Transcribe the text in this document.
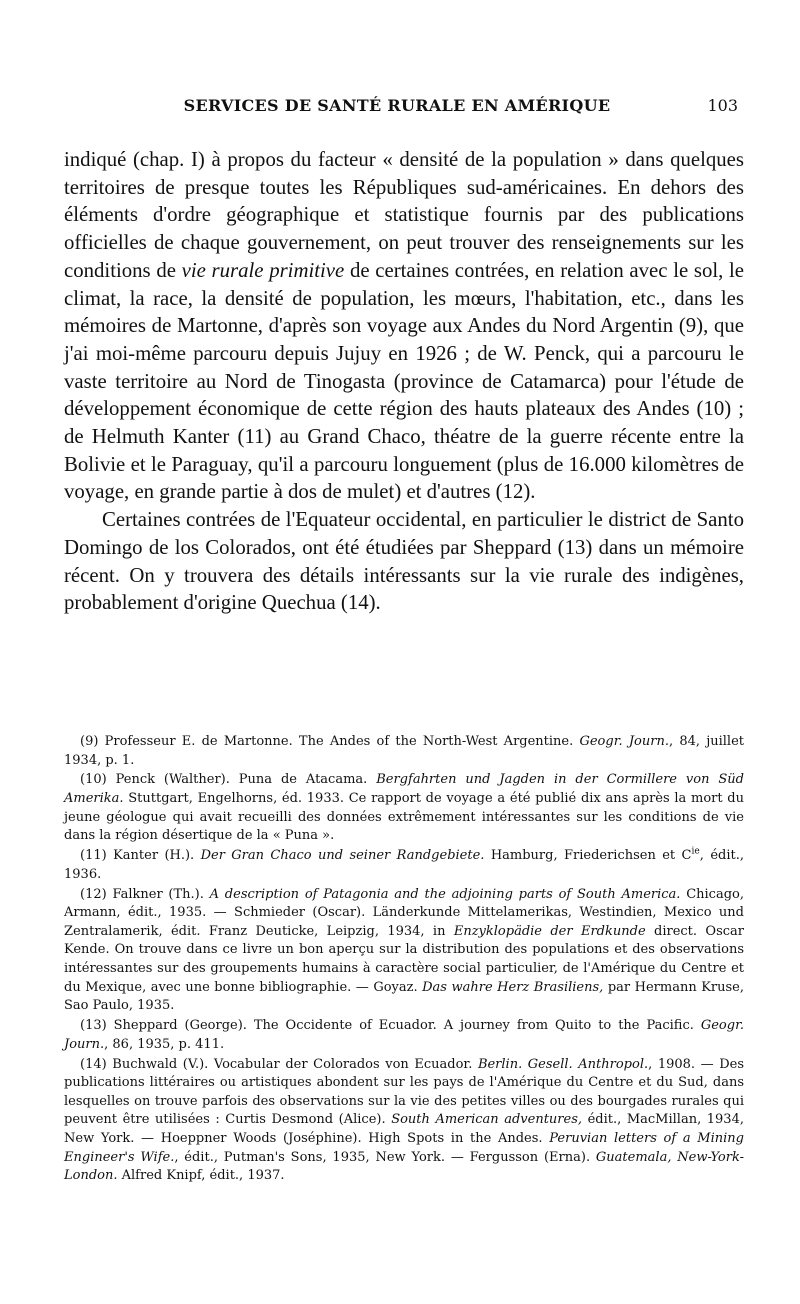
SERVICES DE SANTÉ RURALE EN AMÉRIQUE	103

indiqué (chap. I) à propos du facteur « densité de la population » dans quelques territoires de presque toutes les Républiques sud-américaines. En dehors des éléments d'ordre géographique et statistique fournis par des publications officielles de chaque gouvernement, on peut trouver des renseignements sur les conditions de vie rurale primitive de certaines contrées, en relation avec le sol, le climat, la race, la densité de population, les mœurs, l'habitation, etc., dans les mémoires de Martonne, d'après son voyage aux Andes du Nord Argentin (9), que j'ai moi-même parcouru depuis Jujuy en 1926 ; de W. Penck, qui a parcouru le vaste territoire au Nord de Tinogasta (province de Catamarca) pour l'étude de développement économique de cette région des hauts plateaux des Andes (10) ; de Helmuth Kanter (11) au Grand Chaco, théatre de la guerre récente entre la Bolivie et le Paraguay, qu'il a parcouru longuement (plus de 16.000 kilomètres de voyage, en grande partie à dos de mulet) et d'autres (12).

Certaines contrées de l'Equateur occidental, en particulier le district de Santo Domingo de los Colorados, ont été étudiées par Sheppard (13) dans un mémoire récent. On y trouvera des détails intéressants sur la vie rurale des indigènes, probablement d'origine Quechua (14).

(9) Professeur E. de Martonne. The Andes of the North-West Argentine. Geogr. Journ., 84, juillet 1934, p. 1.

(10) Penck (Walther). Puna de Atacama. Bergfahrten und Jagden in der Cormillere von Süd Amerika. Stuttgart, Engelhorns, éd. 1933. Ce rapport de voyage a été publié dix ans après la mort du jeune géologue qui avait recueilli des données extrêmement intéressantes sur les conditions de vie dans la région désertique de la « Puna ».

(11) Kanter (H.). Der Gran Chaco und seiner Randgebiete. Hamburg, Friederichsen et $C^{ie}$, édit., 1936.

(12) Falkner (Th.). A description of Patagonia and the adjoining parts of South America. Chicago, Armann, édit., 1935. — Schmieder (Oscar). Länderkunde Mittelamerikas, Westindien, Mexico und Zentralamerik, édit. Franz Deuticke, Leipzig, 1934, in Enzyklopädie der Erdkunde direct. Oscar Kende. On trouve dans ce livre un bon aperçu sur la distribution des populations et des observations intéressantes sur des groupements humains à caractère social particulier, de l'Amérique du Centre et du Mexique, avec une bonne bibliographie. — Goyaz. Das wahre Herz Brasiliens, par Hermann Kruse, Sao Paulo, 1935.

(13) Sheppard (George). The Occidente of Ecuador. A journey from Quito to the Pacific. Geogr. Journ., 86, 1935, p. 411.

(14) Buchwald (V.). Vocabular der Colorados von Ecuador. Berlin. Gesell. Anthropol., 1908. — Des publications littéraires ou artistiques abondent sur les pays de l'Amérique du Centre et du Sud, dans lesquelles on trouve parfois des observations sur la vie des petites villes ou des bourgades rurales qui peuvent être utilisées : Curtis Desmond (Alice). South American adventures, édit., MacMillan, 1934, New York. — Hoeppner Woods (Joséphine). High Spots in the Andes. Peruvian letters of a Mining Engineer's Wife., édit., Putman's Sons, 1935, New York. — Fergusson (Erna). Guatemala, New-York-London. Alfred Knipf, édit., 1937.
